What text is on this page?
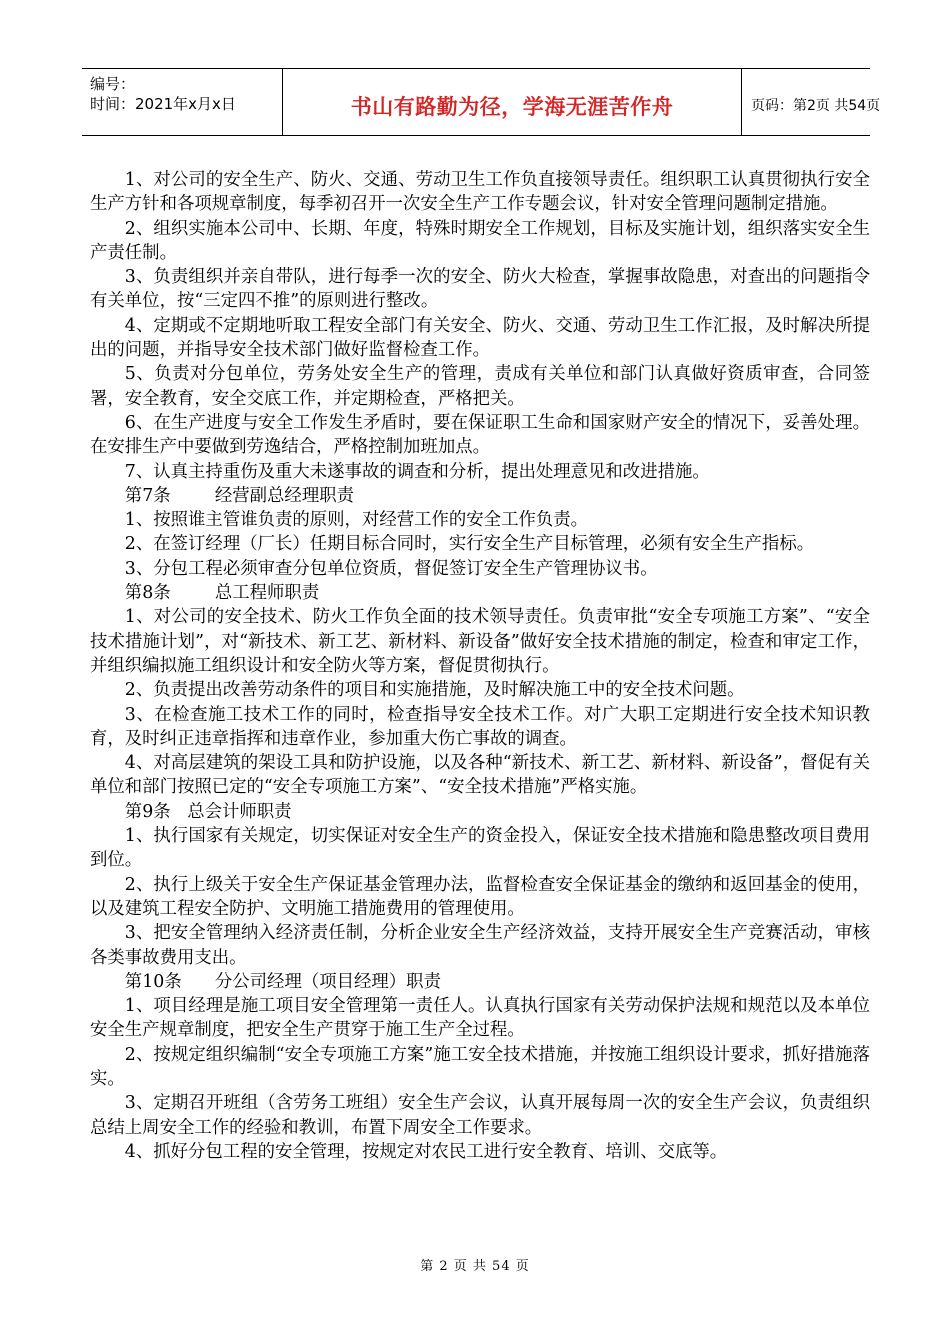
编号：
时间：2021年x月x日	书山有路勤为径，学海无涯苦作舟	页码：第2页 共54页

1、对公司的安全生产、防火、交通、劳动卫生工作负直接领导责任。组织职工认真贯彻执行安全生产方针和各项规章制度，每季初召开一次安全生产工作专题会议，针对安全管理问题制定措施。

2、组织实施本公司中、长期、年度，特殊时期安全工作规划，目标及实施计划，组织落实安全生产责任制。

3、负责组织并亲自带队，进行每季一次的安全、防火大检查，掌握事故隐患，对查出的问题指令有关单位，按“三定四不推”的原则进行整改。

4、定期或不定期地听取工程安全部门有关安全、防火、交通、劳动卫生工作汇报，及时解决所提出的问题，并指导安全技术部门做好监督检查工作。

5、负责对分包单位，劳务处安全生产的管理，责成有关单位和部门认真做好资质审查，合同签署，安全教育，安全交底工作，并定期检查，严格把关。

6、在生产进度与安全工作发生矛盾时，要在保证职工生命和国家财产安全的情况下，妥善处理。在安排生产中要做到劳逸结合，严格控制加班加点。

7、认真主持重伤及重大未遂事故的调查和分析，提出处理意见和改进措施。

第7条        经营副总经理职责

1、按照谁主管谁负责的原则，对经营工作的安全工作负责。

2、在签订经理（厂长）任期目标合同时，实行安全生产目标管理，必须有安全生产指标。

3、分包工程必须审查分包单位资质，督促签订安全生产管理协议书。

第8条        总工程师职责

1、对公司的安全技术、防火工作负全面的技术领导责任。负责审批“安全专项施工方案”、“安全技术措施计划”，对“新技术、新工艺、新材料、新设备”做好安全技术措施的制定，检查和审定工作，并组织编拟施工组织设计和安全防火等方案，督促贯彻执行。

2、负责提出改善劳动条件的项目和实施措施，及时解决施工中的安全技术问题。

3、在检查施工技术工作的同时，检查指导安全技术工作。对广大职工定期进行安全技术知识教育，及时纠正违章指挥和违章作业，参加重大伤亡事故的调查。

4、对高层建筑的架设工具和防护设施，以及各种“新技术、新工艺、新材料、新设备”，督促有关单位和部门按照已定的“安全专项施工方案”、“安全技术措施”严格实施。

第9条   总会计师职责

1、执行国家有关规定，切实保证对安全生产的资金投入，保证安全技术措施和隐患整改项目费用到位。

2、执行上级关于安全生产保证基金管理办法，监督检查安全保证基金的缴纳和返回基金的使用，以及建筑工程安全防护、文明施工措施费用的管理使用。

3、把安全管理纳入经济责任制，分析企业安全生产经济效益，支持开展安全生产竞赛活动，审核各类事故费用支出。

第10条      分公司经理（项目经理）职责

1、项目经理是施工项目安全管理第一责任人。认真执行国家有关劳动保护法规和规范以及本单位安全生产规章制度，把安全生产贯穿于施工生产全过程。

2、按规定组织编制“安全专项施工方案”施工安全技术措施，并按施工组织设计要求，抓好措施落实。

3、定期召开班组（含劳务工班组）安全生产会议，认真开展每周一次的安全生产会议，负责组织总结上周安全工作的经验和教训，布置下周安全工作要求。

4、抓好分包工程的安全管理，按规定对农民工进行安全教育、培训、交底等。

第 2 页 共 54 页
